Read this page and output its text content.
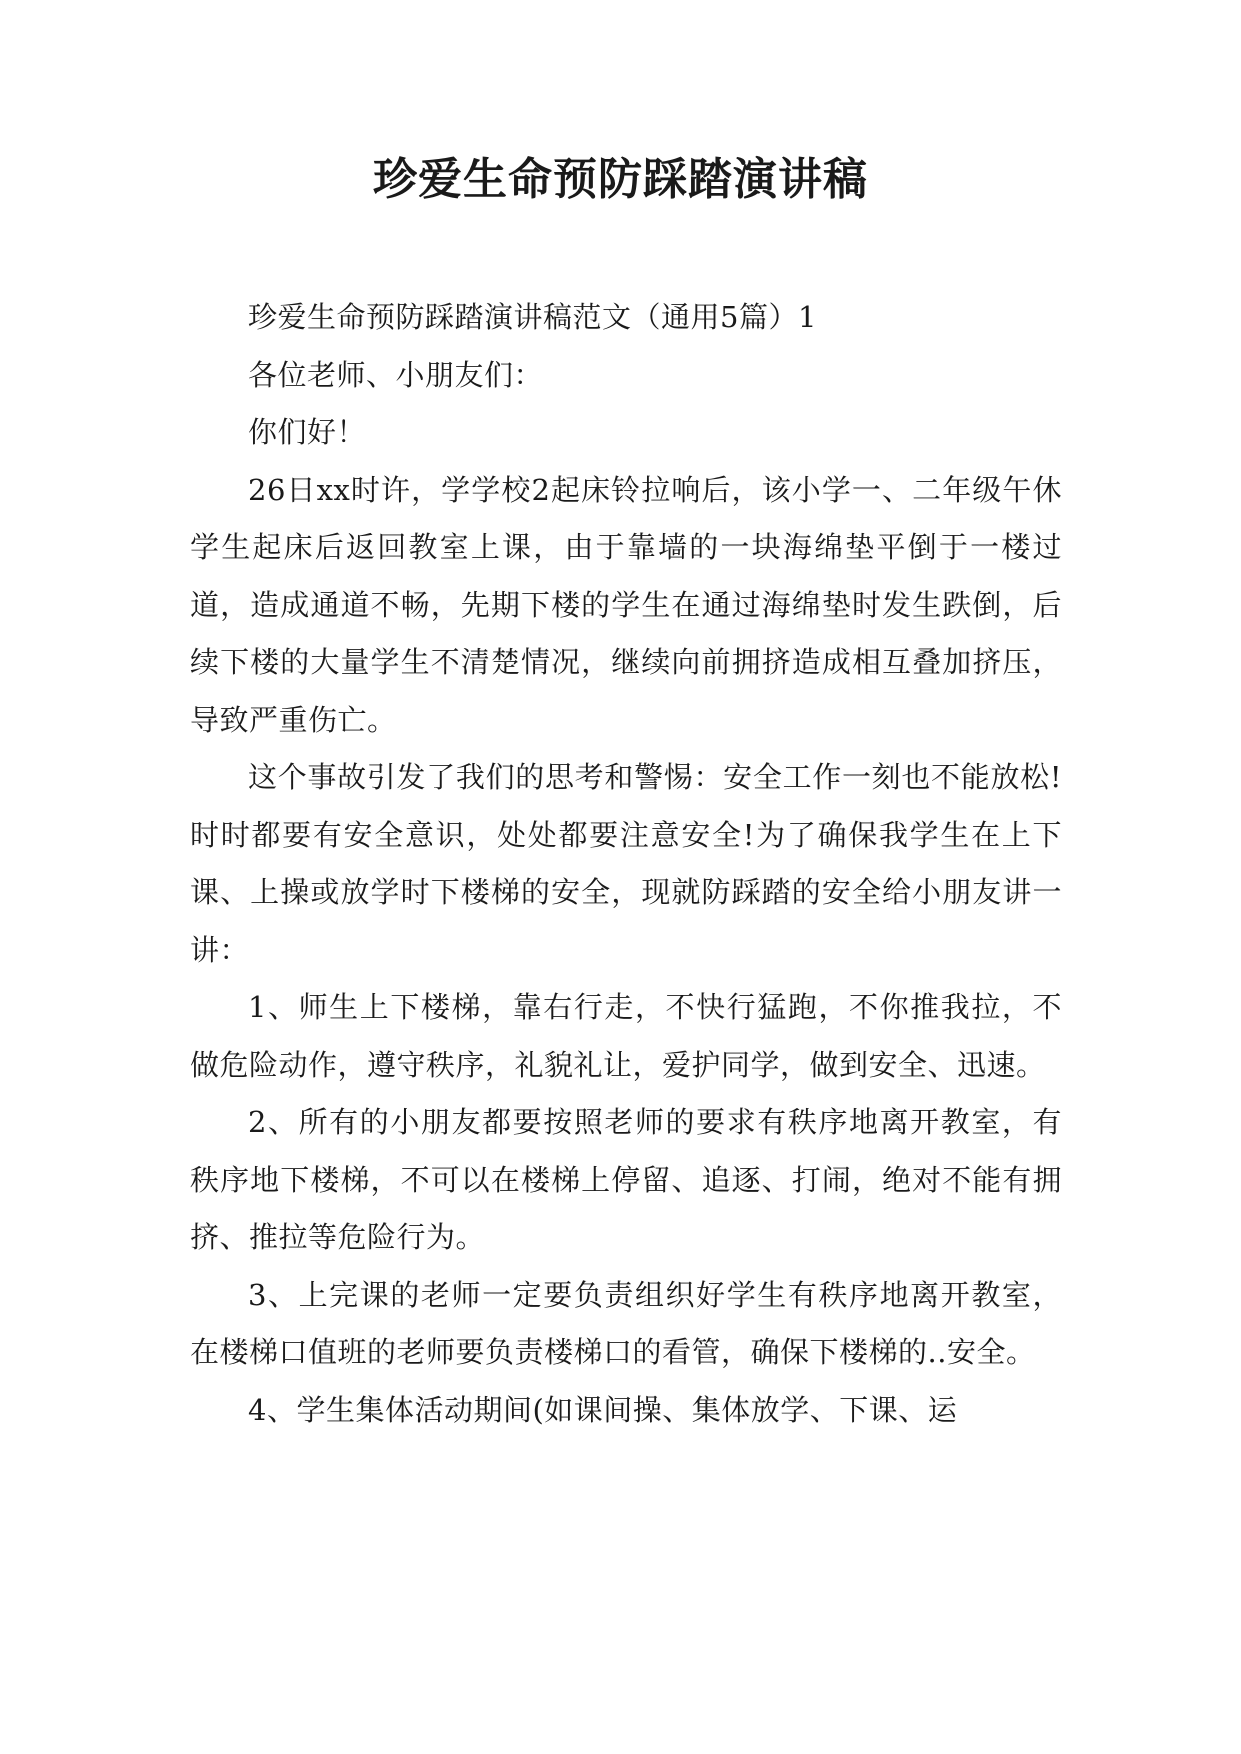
珍爱生命预防踩踏演讲稿

珍爱生命预防踩踏演讲稿范文（通用5篇）1

各位老师、小朋友们：

你们好！

26日xx时许，学学校2起床铃拉响后，该小学一、二年级午休学生起床后返回教室上课，由于靠墙的一块海绵垫平倒于一楼过道，造成通道不畅，先期下楼的学生在通过海绵垫时发生跌倒，后续下楼的大量学生不清楚情况，继续向前拥挤造成相互叠加挤压，导致严重伤亡。

这个事故引发了我们的思考和警惕：安全工作一刻也不能放松!时时都要有安全意识，处处都要注意安全!为了确保我学生在上下课、上操或放学时下楼梯的安全，现就防踩踏的安全给小朋友讲一讲：

1、师生上下楼梯，靠右行走，不快行猛跑，不你推我拉，不做危险动作，遵守秩序，礼貌礼让，爱护同学，做到安全、迅速。

2、所有的小朋友都要按照老师的要求有秩序地离开教室，有秩序地下楼梯，不可以在楼梯上停留、追逐、打闹，绝对不能有拥挤、推拉等危险行为。

3、上完课的老师一定要负责组织好学生有秩序地离开教室，在楼梯口值班的老师要负责楼梯口的看管，确保下楼梯的..安全。

4、学生集体活动期间(如课间操、集体放学、下课、运
